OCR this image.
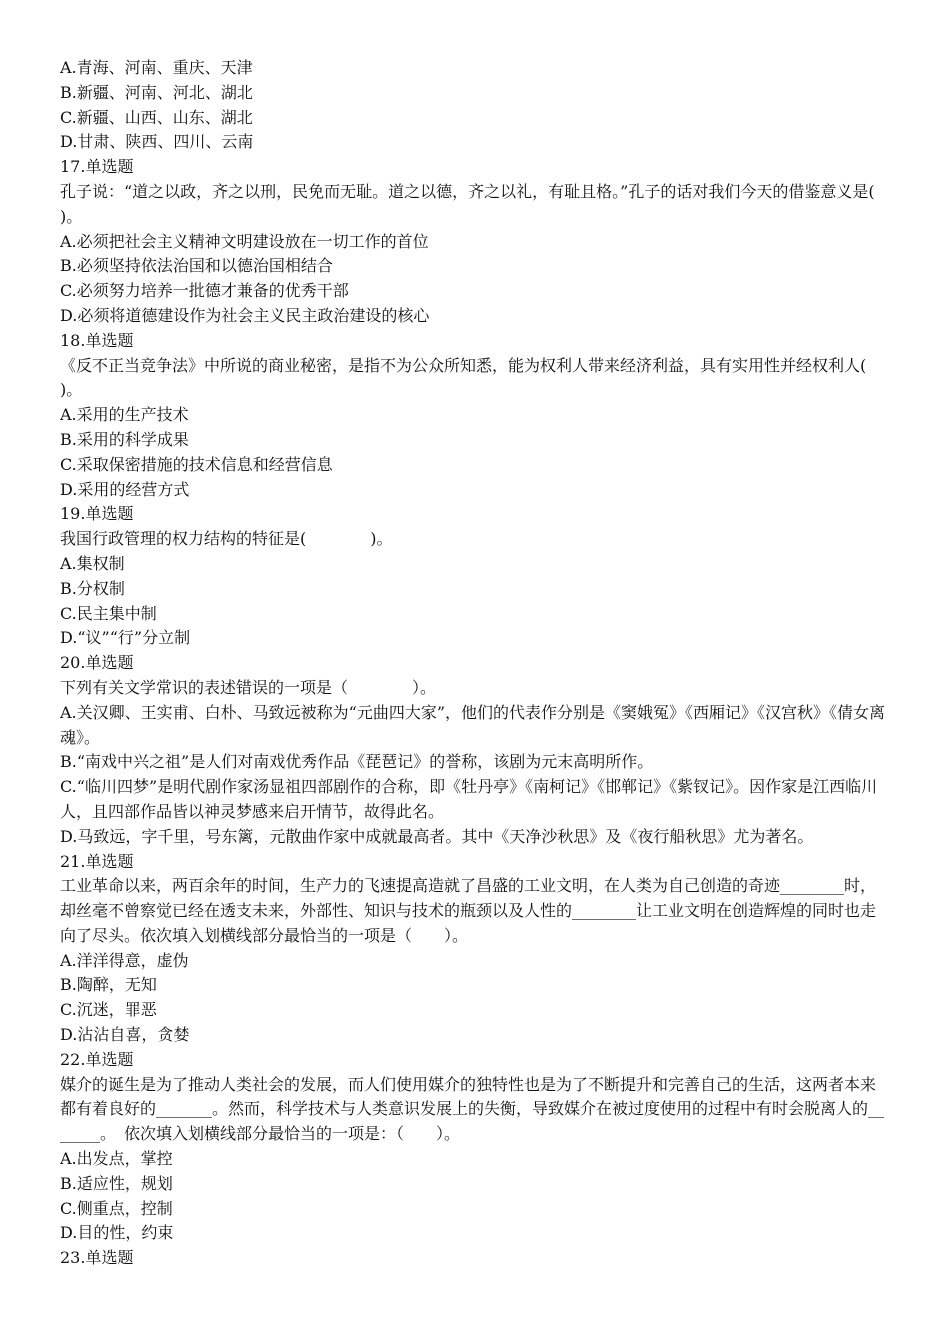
A.青海、河南、重庆、天津
B.新疆、河南、河北、湖北
C.新疆、山西、山东、湖北
D.甘肃、陕西、四川、云南
17.单选题
孔子说：“道之以政，齐之以刑，民免而无耻。道之以德，齐之以礼，有耻且格。”孔子的话对我们今天的借鉴意义是(　　　　)。
A.必须把社会主义精神文明建设放在一切工作的首位
B.必须坚持依法治国和以德治国相结合
C.必须努力培养一批德才兼备的优秀干部
D.必须将道德建设作为社会主义民主政治建设的核心
18.单选题
《反不正当竞争法》中所说的商业秘密，是指不为公众所知悉，能为权利人带来经济利益，具有实用性并经权利人(　　　)。
A.采用的生产技术
B.采用的科学成果
C.采取保密措施的技术信息和经营信息
D.采用的经营方式
19.单选题
我国行政管理的权力结构的特征是(　　　　)。
A.集权制
B.分权制
C.民主集中制
D.“议”“行”分立制
20.单选题
下列有关文学常识的表述错误的一项是（　　　　）。
A.关汉卿、王实甫、白朴、马致远被称为“元曲四大家”，他们的代表作分别是《窦娥冤》《西厢记》《汉宫秋》《倩女离魂》。
B.“南戏中兴之祖”是人们对南戏优秀作品《琵琶记》的誉称，该剧为元末高明所作。
C.“临川四梦”是明代剧作家汤显祖四部剧作的合称，即《牡丹亭》《南柯记》《邯郸记》《紫钗记》。因作家是江西临川人，且四部作品皆以神灵梦感来启开情节，故得此名。
D.马致远，字千里，号东篱，元散曲作家中成就最高者。其中《天净沙秋思》及《夜行船秋思》尤为著名。
21.单选题
工业革命以来，两百余年的时间，生产力的飞速提高造就了昌盛的工业文明，在人类为自己创造的奇迹________时，却丝毫不曾察觉已经在透支未来，外部性、知识与技术的瓶颈以及人性的________让工业文明在创造辉煌的同时也走向了尽头。依次填入划横线部分最恰当的一项是（　　）。
A.洋洋得意，虚伪
B.陶醉，无知
C.沉迷，罪恶
D.沾沾自喜，贪婪
22.单选题
媒介的诞生是为了推动人类社会的发展，而人们使用媒介的独特性也是为了不断提升和完善自己的生活，这两者本来都有着良好的_______。然而，科学技术与人类意识发展上的失衡，导致媒介在被过度使用的过程中有时会脱离人的_______。　依次填入划横线部分最恰当的一项是：（　　）。
A.出发点，掌控
B.适应性，规划
C.侧重点，控制
D.目的性，约束
23.单选题
